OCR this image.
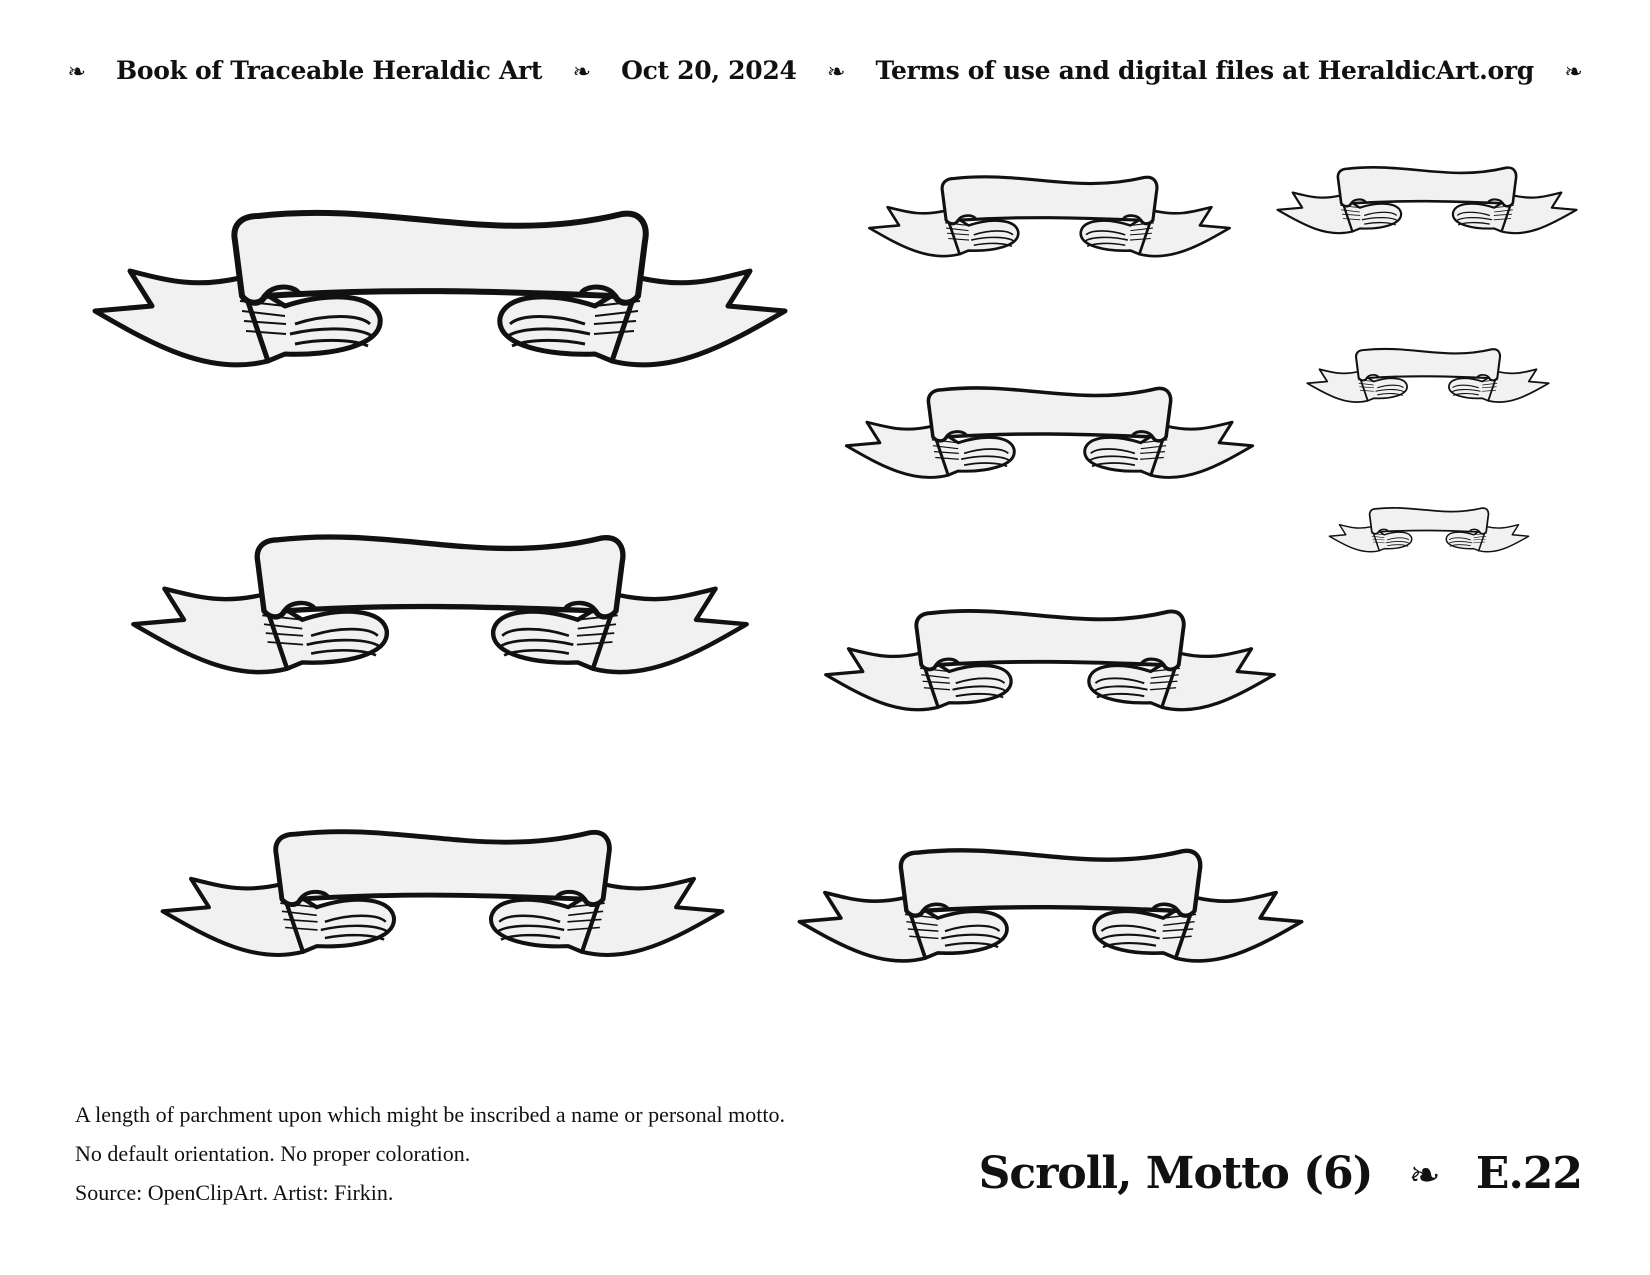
❧ Book of Traceable Heraldic Art ❧ Oct 20, 2024 ❧ Terms of use and digital files at HeraldicArt.org ❧
A length of parchment upon which might be inscribed a name or personal motto.
No default orientation. No proper coloration.
Source: OpenClipArt. Artist: Firkin.	Scroll, Motto (6) ❧ E.22
